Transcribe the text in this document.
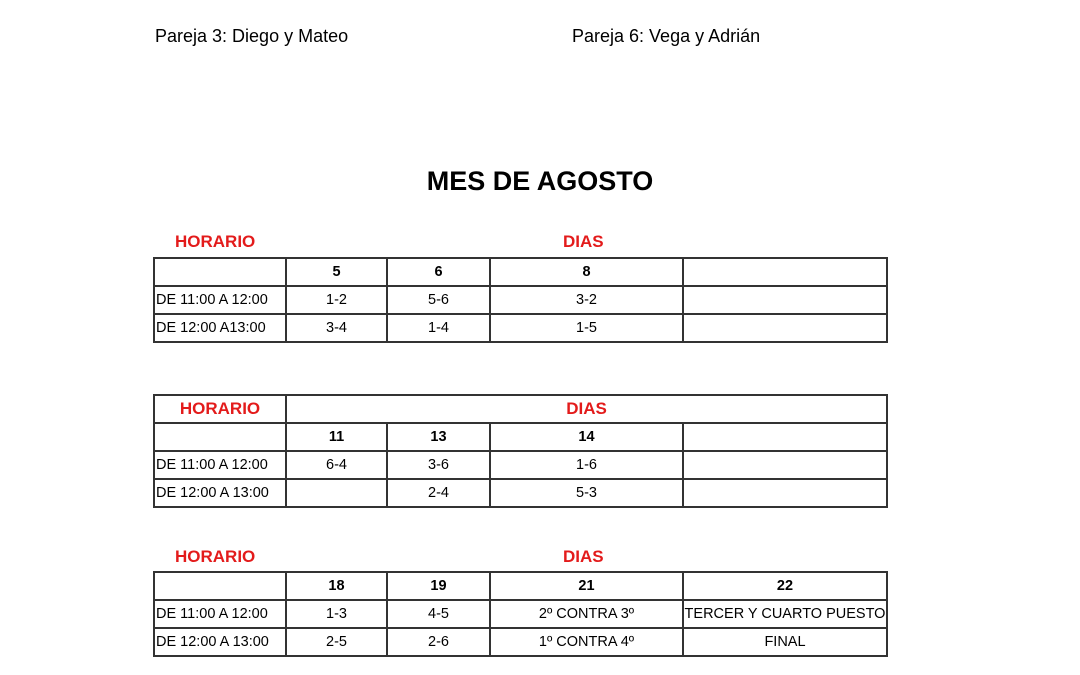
Pareja 3: Diego y Mateo	Pareja 6: Vega y Adrián
MES DE AGOSTO
HORARIO	DIAS
HORARIO	DIAS
	5	6	8	
DE 11:00 A 12:00	1-2	5-6	3-2	
DE 12:00 A13:00	3-4	1-4	1-5	
HORARIO	DIAS			
	11	13	14	
DE 11:00 A 12:00	6-4	3-6	1-6	
DE 12:00 A 13:00		2-4	5-3	
	18	19	21	22
DE 11:00 A 12:00	1-3	4-5	2º CONTRA 3º	TERCER Y CUARTO PUESTO
DE 12:00 A 13:00	2-5	2-6	1º CONTRA 4º	FINAL
